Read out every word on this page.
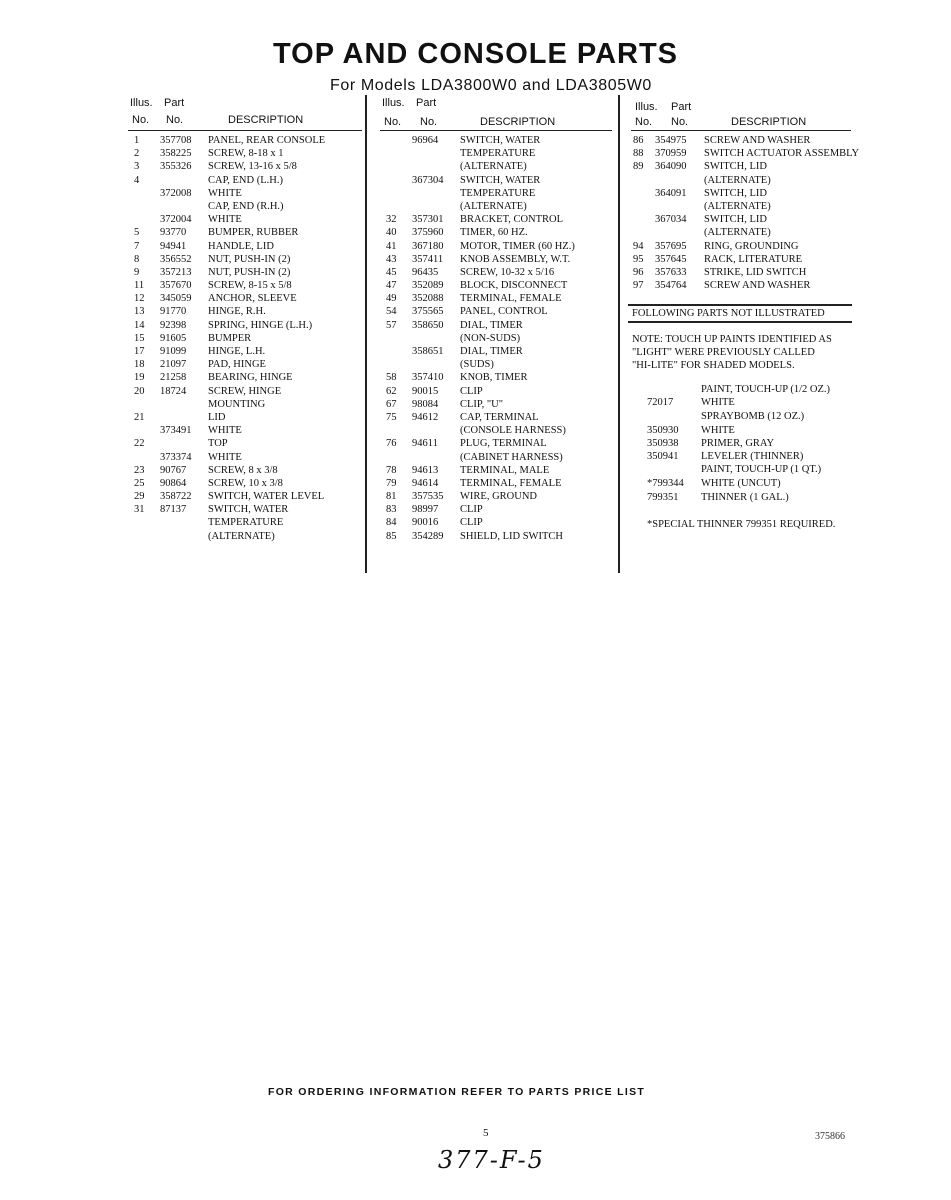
TOP AND CONSOLE PARTS
For Models LDA3800W0 and LDA3805W0
Illus. Part
No. No.	DESCRIPTION
1 357708 PANEL, REAR CONSOLE
2 358225 SCREW, 8-18 x 1
3 355326 SCREW, 13-16 x 5/8
4	CAP, END (L.H.)
372008 WHITE
CAP, END (R.H.)
372004 WHITE
5 93770 BUMPER, RUBBER
7 94941 HANDLE, LID
8 356552 NUT, PUSH-IN (2)
9 357213 NUT, PUSH-IN (2)
11 357670 SCREW, 8-15 x 5/8
12 345059 ANCHOR, SLEEVE
13 91770 HINGE, R.H.
14 92398 SPRING, HINGE (L.H.)
15 91605 BUMPER
17 91099 HINGE, L.H.
18 21097 PAD, HINGE
19 21258 BEARING, HINGE
20 18724 SCREW, HINGE
MOUNTING
21	LID
373491 WHITE
22	TOP
373374 WHITE
23 90767 SCREW, 8 x 3/8
25 90864 SCREW, 10 x 3/8
29 358722 SWITCH, WATER LEVEL
31 87137 SWITCH, WATER
TEMPERATURE
(ALTERNATE)
Illus. Part
No. No.	DESCRIPTION
96964 SWITCH, WATER
TEMPERATURE
(ALTERNATE)
367304 SWITCH, WATER
TEMPERATURE
(ALTERNATE)
32 357301 BRACKET, CONTROL
40 375960 TIMER, 60 HZ.
41 367180 MOTOR, TIMER (60 HZ.)
43 357411 KNOB ASSEMBLY, W.T.
45 96435 SCREW, 10-32 x 5/16
47 352089 BLOCK, DISCONNECT
49 352088 TERMINAL, FEMALE
54 375565 PANEL, CONTROL
57 358650 DIAL, TIMER
(NON-SUDS)
358651 DIAL, TIMER
(SUDS)
58 357410 KNOB, TIMER
62 90015 CLIP
67 98084 CLIP, "U"
75 94612 CAP, TERMINAL
(CONSOLE HARNESS)
76 94611 PLUG, TERMINAL
(CABINET HARNESS)
78 94613 TERMINAL, MALE
79 94614 TERMINAL, FEMALE
81 357535 WIRE, GROUND
83 98997 CLIP
84 90016 CLIP
85 354289 SHIELD, LID SWITCH
Illus. Part
No. No.	DESCRIPTION
86 354975 SCREW AND WASHER
88 370959 SWITCH ACTUATOR ASSEMBLY
89 364090 SWITCH, LID
(ALTERNATE)
364091 SWITCH, LID
(ALTERNATE)
367034 SWITCH, LID
(ALTERNATE)
94 357695 RING, GROUNDING
95 357645 RACK, LITERATURE
96 357633 STRIKE, LID SWITCH
97 354764 SCREW AND WASHER
FOLLOWING PARTS NOT ILLUSTRATED
NOTE: TOUCH UP PAINTS IDENTIFIED AS
"LIGHT" WERE PREVIOUSLY CALLED
"HI-LITE" FOR SHADED MODELS.
PAINT, TOUCH-UP (1/2 OZ.)
72017	WHITE
SPRAYBOMB (12 OZ.)
350930 WHITE
350938 PRIMER, GRAY
350941 LEVELER (THINNER)
PAINT, TOUCH-UP (1 QT.)
*799344 WHITE (UNCUT)
799351 THINNER (1 GAL.)
*SPECIAL THINNER 799351 REQUIRED.
FOR ORDERING INFORMATION REFER TO PARTS PRICE LIST
5	375866
377-F-5
